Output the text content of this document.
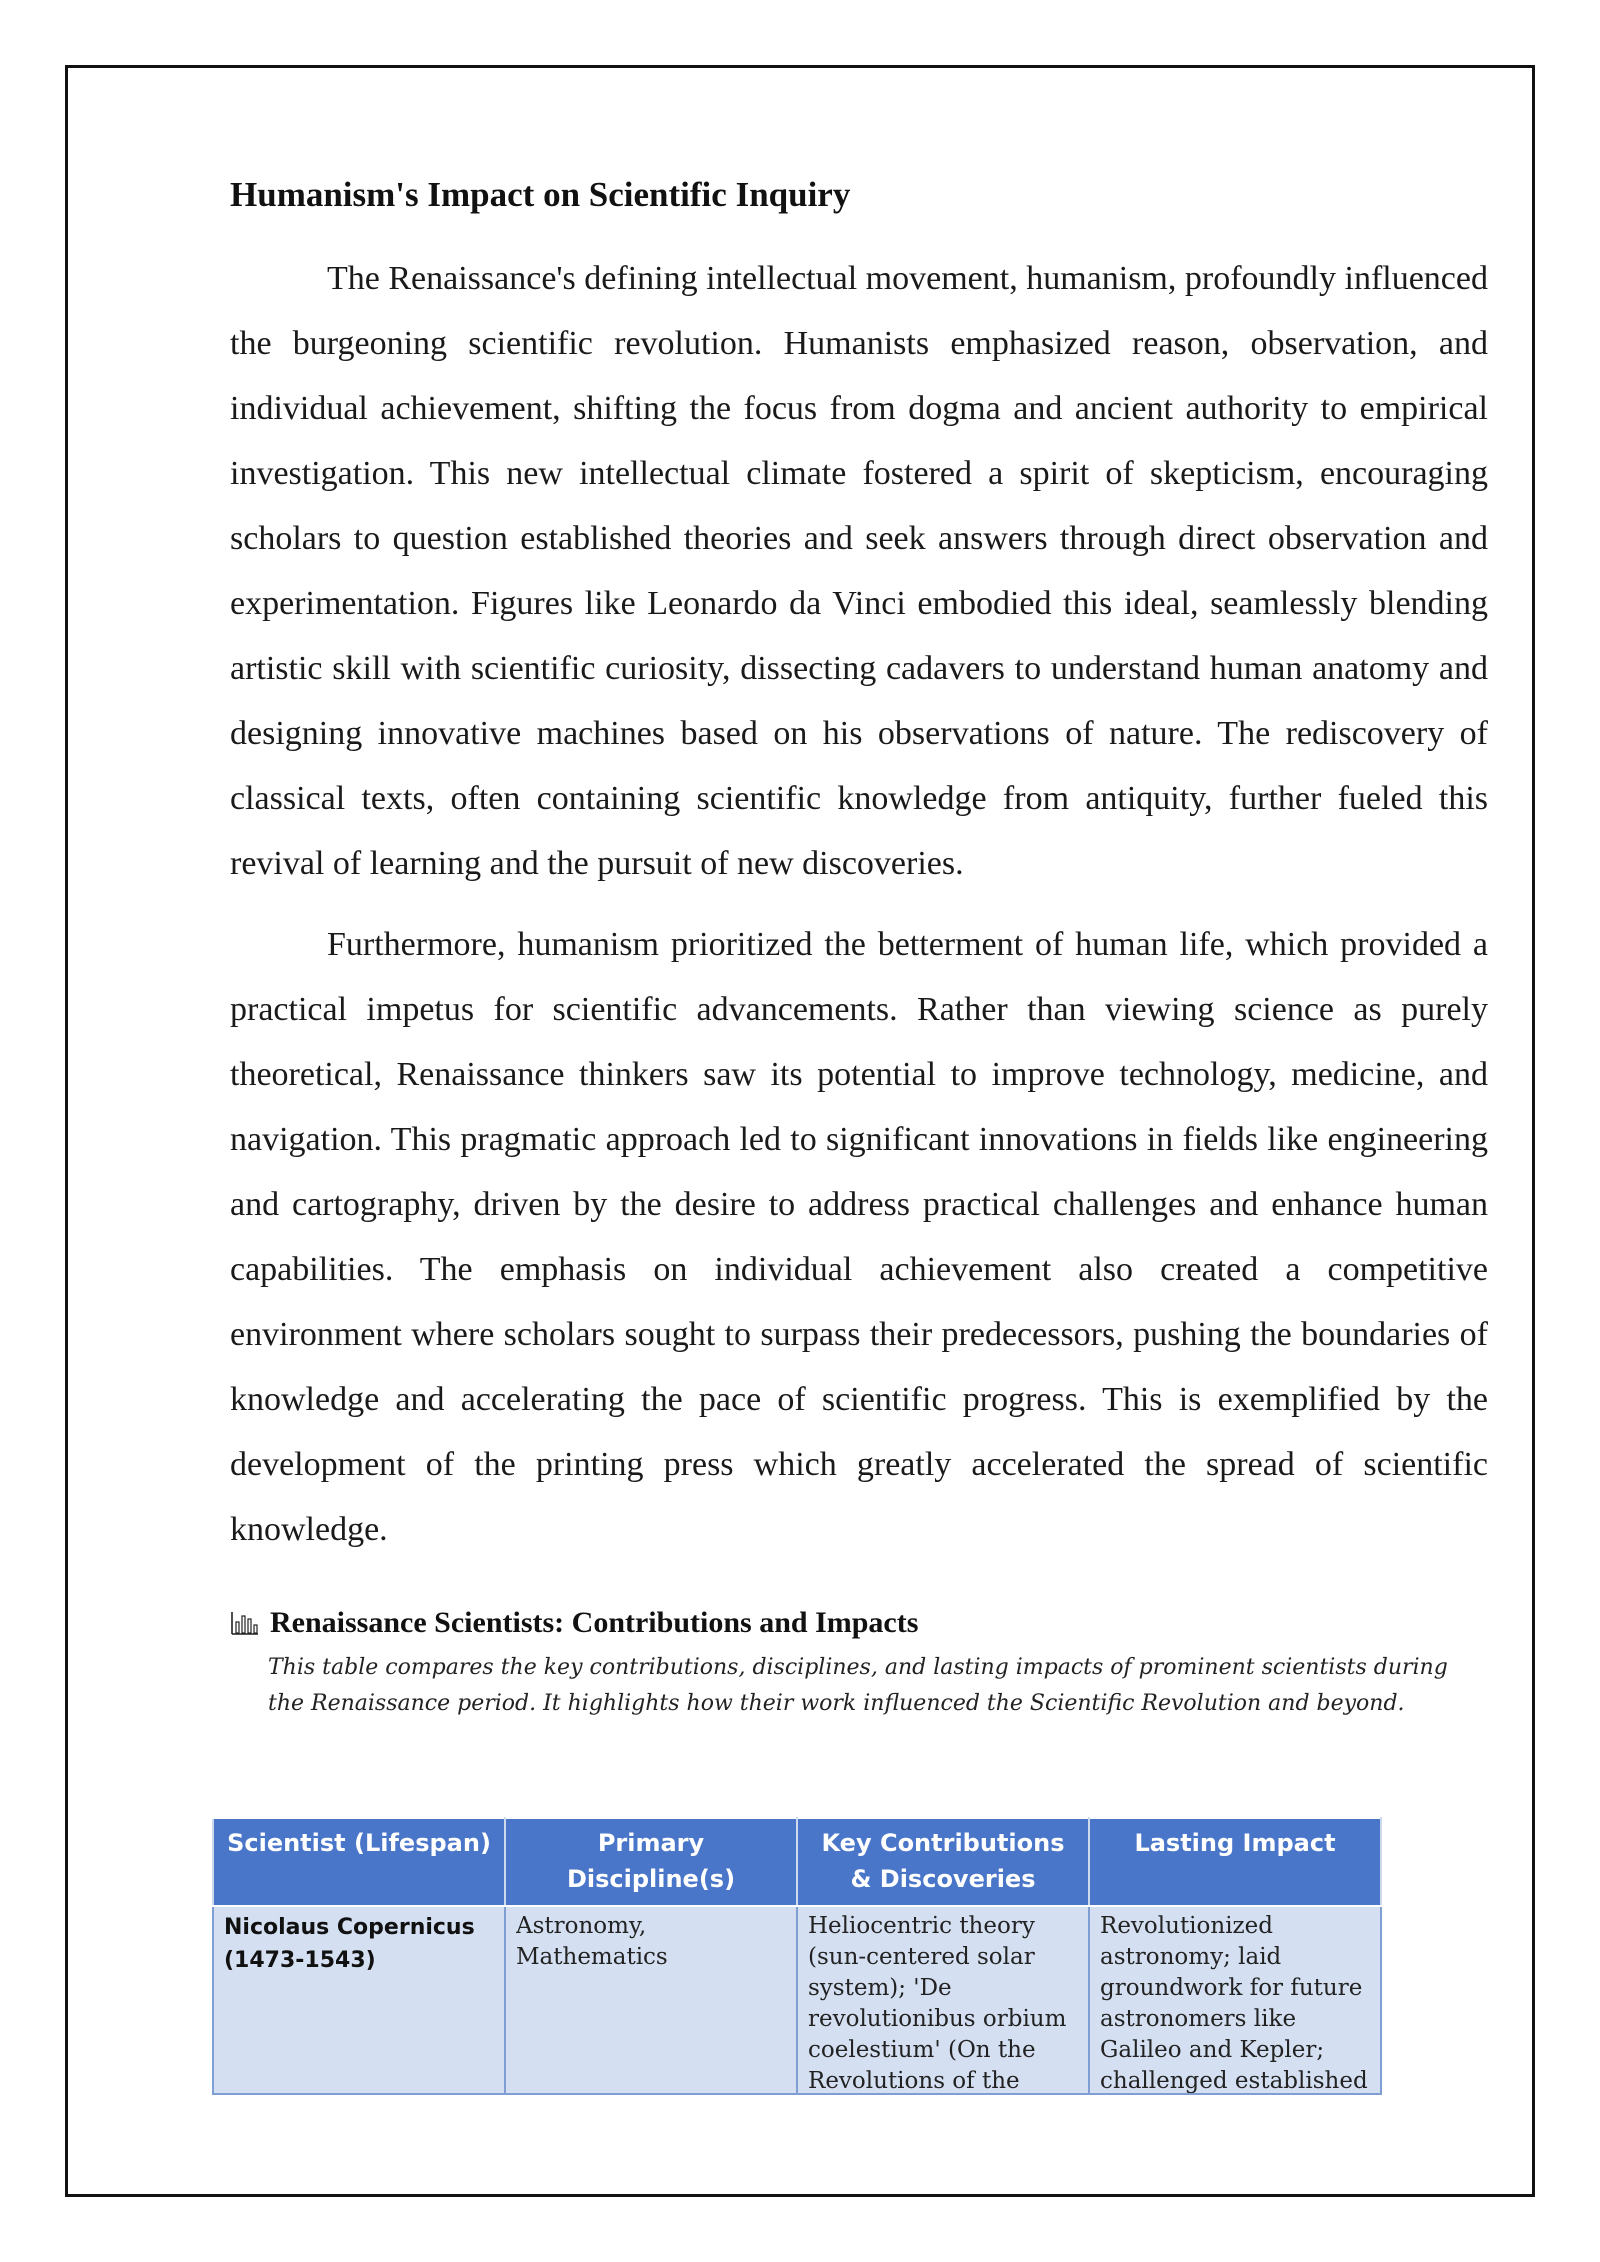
Humanism's Impact on Scientific Inquiry

The Renaissance's defining intellectual movement, humanism, profoundly influenced the burgeoning scientific revolution. Humanists emphasized reason, observation, and individual achievement, shifting the focus from dogma and ancient authority to empirical investigation. This new intellectual climate fostered a spirit of skepticism, encouraging scholars to question established theories and seek answers through direct observation and experimentation. Figures like Leonardo da Vinci embodied this ideal, seamlessly blending artistic skill with scientific curiosity, dissecting cadavers to understand human anatomy and designing innovative machines based on his observations of nature. The rediscovery of classical texts, often containing scientific knowledge from antiquity, further fueled this revival of learning and the pursuit of new discoveries.

Furthermore, humanism prioritized the betterment of human life, which provided a practical impetus for scientific advancements. Rather than viewing science as purely theoretical, Renaissance thinkers saw its potential to improve technology, medicine, and navigation. This pragmatic approach led to significant innovations in fields like engineering and cartography, driven by the desire to address practical challenges and enhance human capabilities. The emphasis on individual achievement also created a competitive environment where scholars sought to surpass their predecessors, pushing the boundaries of knowledge and accelerating the pace of scientific progress. This is exemplified by the development of the printing press which greatly accelerated the spread of scientific knowledge.

Renaissance Scientists: Contributions and Impacts

This table compares the key contributions, disciplines, and lasting impacts of prominent scientists during the Renaissance period. It highlights how their work influenced the Scientific Revolution and beyond.

Scientist (Lifespan)	Primary Discipline(s)	Key Contributions & Discoveries	Lasting Impact

Nicolaus Copernicus (1473-1543)	Astronomy, Mathematics	Heliocentric theory (sun-centered solar system); 'De revolutionibus orbium coelestium' (On the Revolutions of the	Revolutionized astronomy; laid groundwork for future astronomers like Galileo and Kepler; challenged established
